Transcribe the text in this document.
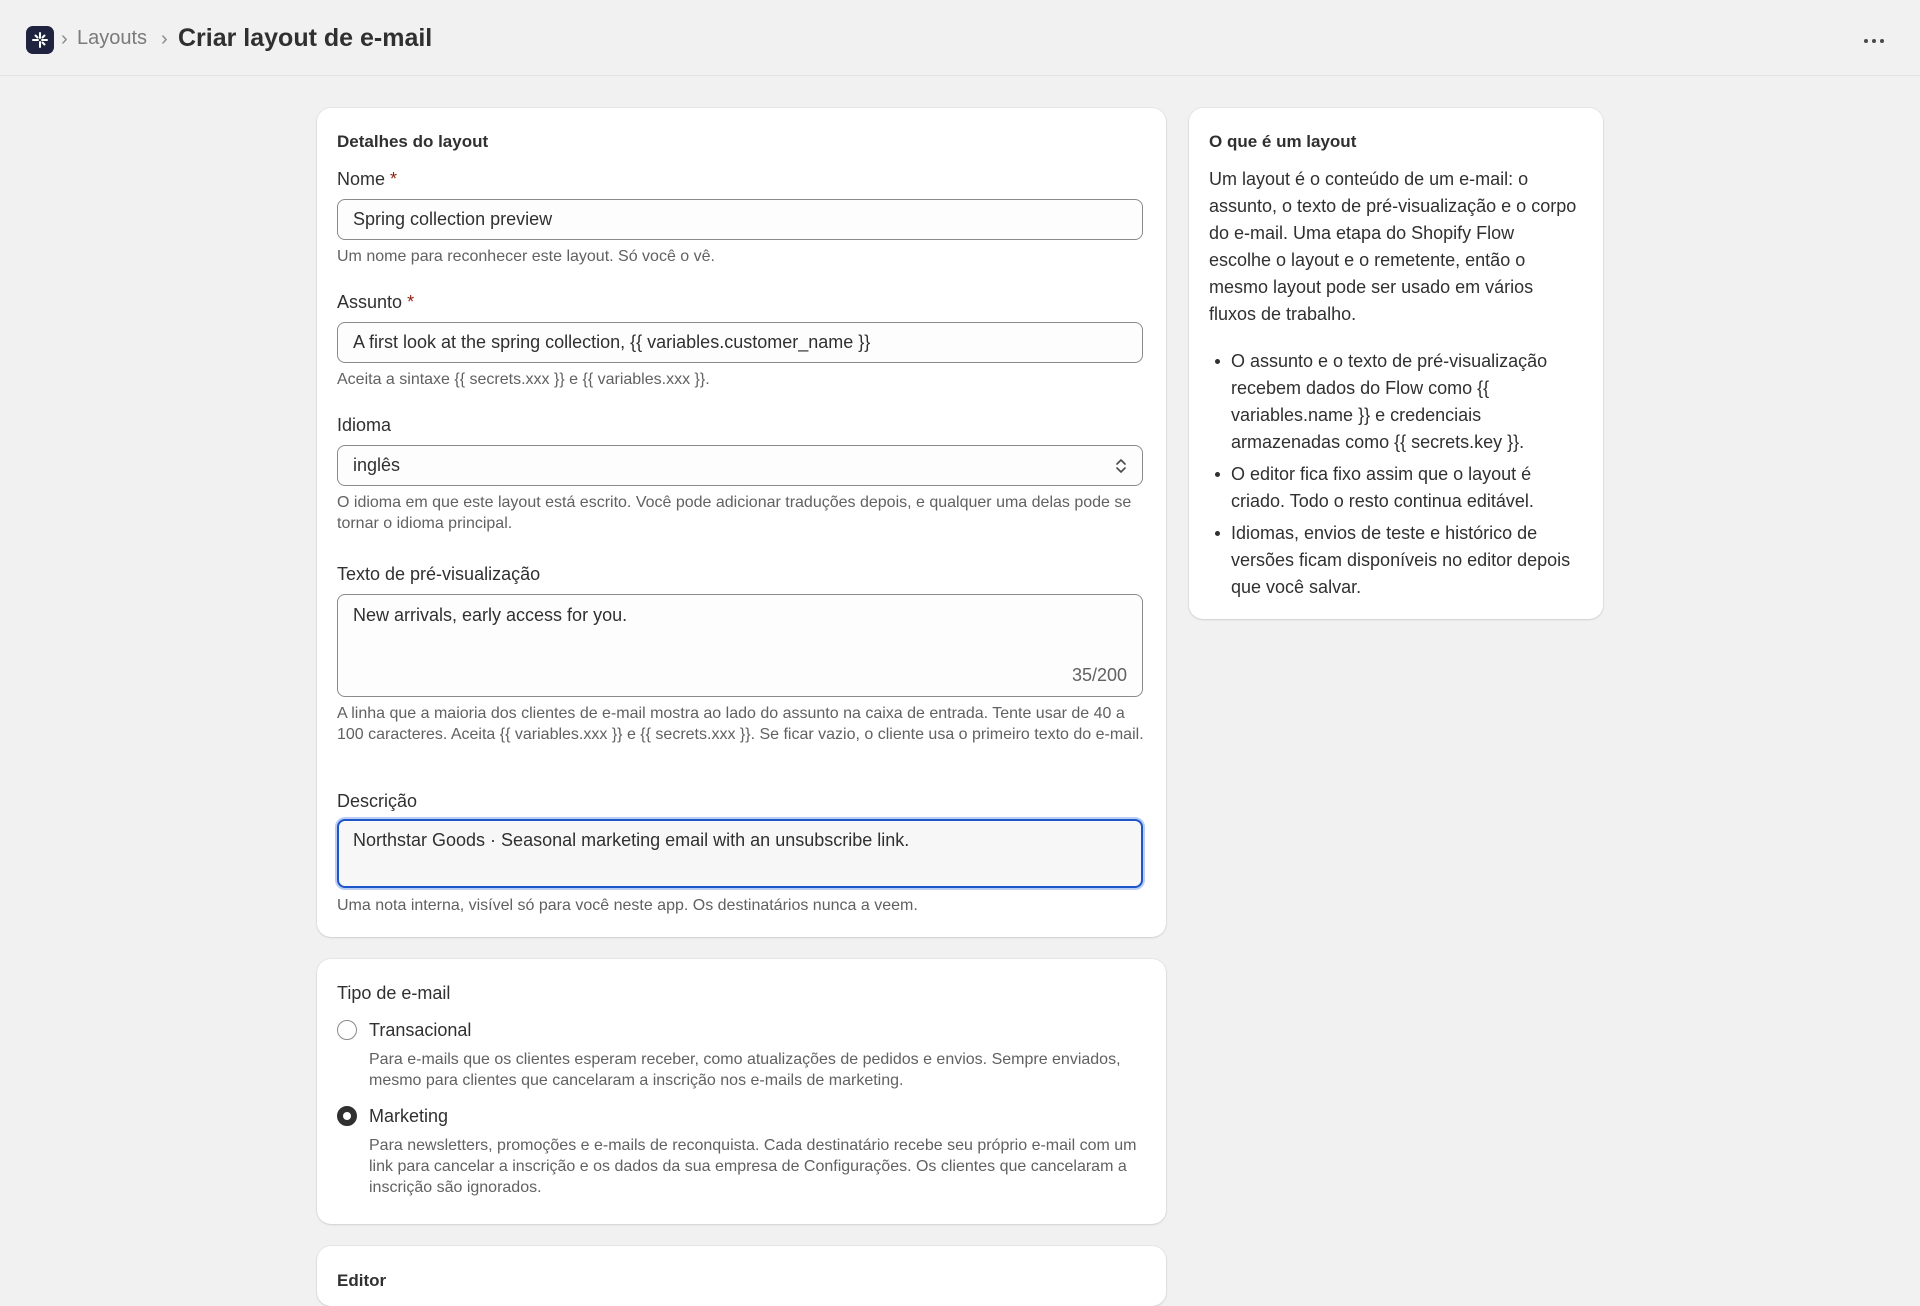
› Layouts › Criar layout de e-mail
Detalhes do layout
Nome *
Spring collection preview
Um nome para reconhecer este layout. Só você o vê.
Assunto *
A first look at the spring collection, {{ variables.customer_name }}
Aceita a sintaxe {{ secrets.xxx }} e {{ variables.xxx }}.
Idioma
inglês
O idioma em que este layout está escrito. Você pode adicionar traduções depois, e qualquer uma delas pode se tornar o idioma principal.
Texto de pré-visualização
New arrivals, early access for you.
35/200
A linha que a maioria dos clientes de e-mail mostra ao lado do assunto na caixa de entrada. Tente usar de 40 a 100 caracteres. Aceita {{ variables.xxx }} e {{ secrets.xxx }}. Se ficar vazio, o cliente usa o primeiro texto do e-mail.
Descrição
Northstar Goods · Seasonal marketing email with an unsubscribe link.
Uma nota interna, visível só para você neste app. Os destinatários nunca a veem.
Tipo de e-mail
Transacional
Para e-mails que os clientes esperam receber, como atualizações de pedidos e envios. Sempre enviados, mesmo para clientes que cancelaram a inscrição nos e-mails de marketing.
Marketing
Para newsletters, promoções e e-mails de reconquista. Cada destinatário recebe seu próprio e-mail com um link para cancelar a inscrição e os dados da sua empresa de Configurações. Os clientes que cancelaram a inscrição são ignorados.
Editor
O que é um layout
Um layout é o conteúdo de um e-mail: o assunto, o texto de pré-visualização e o corpo do e-mail. Uma etapa do Shopify Flow escolhe o layout e o remetente, então o mesmo layout pode ser usado em vários fluxos de trabalho.
O assunto e o texto de pré-visualização recebem dados do Flow como {{ variables.name }} e credenciais armazenadas como {{ secrets.key }}.
O editor fica fixo assim que o layout é criado. Todo o resto continua editável.
Idiomas, envios de teste e histórico de versões ficam disponíveis no editor depois que você salvar.
